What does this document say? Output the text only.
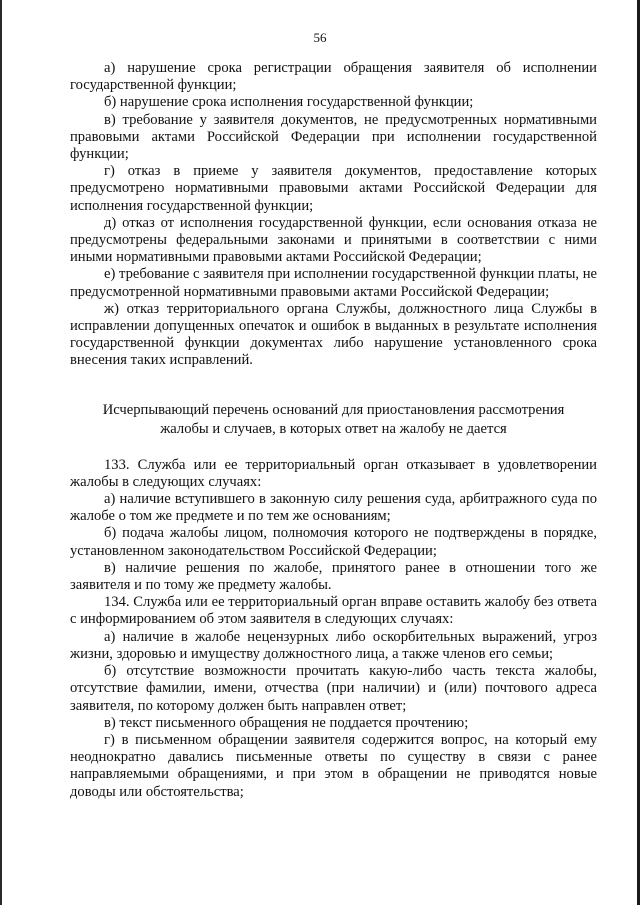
56

а) нарушение срока регистрации обращения заявителя об исполнении государственной функции;

б) нарушение срока исполнения государственной функции;

в) требование у заявителя документов, не предусмотренных нормативными правовыми актами Российской Федерации при исполнении государственной функции;

г) отказ в приеме у заявителя документов, предоставление которых предусмотрено нормативными правовыми актами Российской Федерации для исполнения государственной функции;

д) отказ от исполнения государственной функции, если основания отказа не предусмотрены федеральными законами и принятыми в соответствии с ними иными нормативными правовыми актами Российской Федерации;

е) требование с заявителя при исполнении государственной функции платы, не предусмотренной нормативными правовыми актами Российской Федерации;

ж) отказ территориального органа Службы, должностного лица Службы в исправлении допущенных опечаток и ошибок в выданных в результате исполнения государственной функции документах либо нарушение установленного срока внесения таких исправлений.

Исчерпывающий перечень оснований для приостановления рассмотрения
жалобы и случаев, в которых ответ на жалобу не дается

133. Служба или ее территориальный орган отказывает в удовлетворении жалобы в следующих случаях:

а) наличие вступившего в законную силу решения суда, арбитражного суда по жалобе о том же предмете и по тем же основаниям;

б) подача жалобы лицом, полномочия которого не подтверждены в порядке, установленном законодательством Российской Федерации;

в) наличие решения по жалобе, принятого ранее в отношении того же заявителя и по тому же предмету жалобы.

134. Служба или ее территориальный орган вправе оставить жалобу без ответа с информированием об этом заявителя в следующих случаях:

а) наличие в жалобе нецензурных либо оскорбительных выражений, угроз жизни, здоровью и имуществу должностного лица, а также членов его семьи;

б) отсутствие возможности прочитать какую-либо часть текста жалобы, отсутствие фамилии, имени, отчества (при наличии) и (или) почтового адреса заявителя, по которому должен быть направлен ответ;

в) текст письменного обращения не поддается прочтению;

г) в письменном обращении заявителя содержится вопрос, на который ему неоднократно давались письменные ответы по существу в связи с ранее направляемыми обращениями, и при этом в обращении не приводятся новые доводы или обстоятельства;
